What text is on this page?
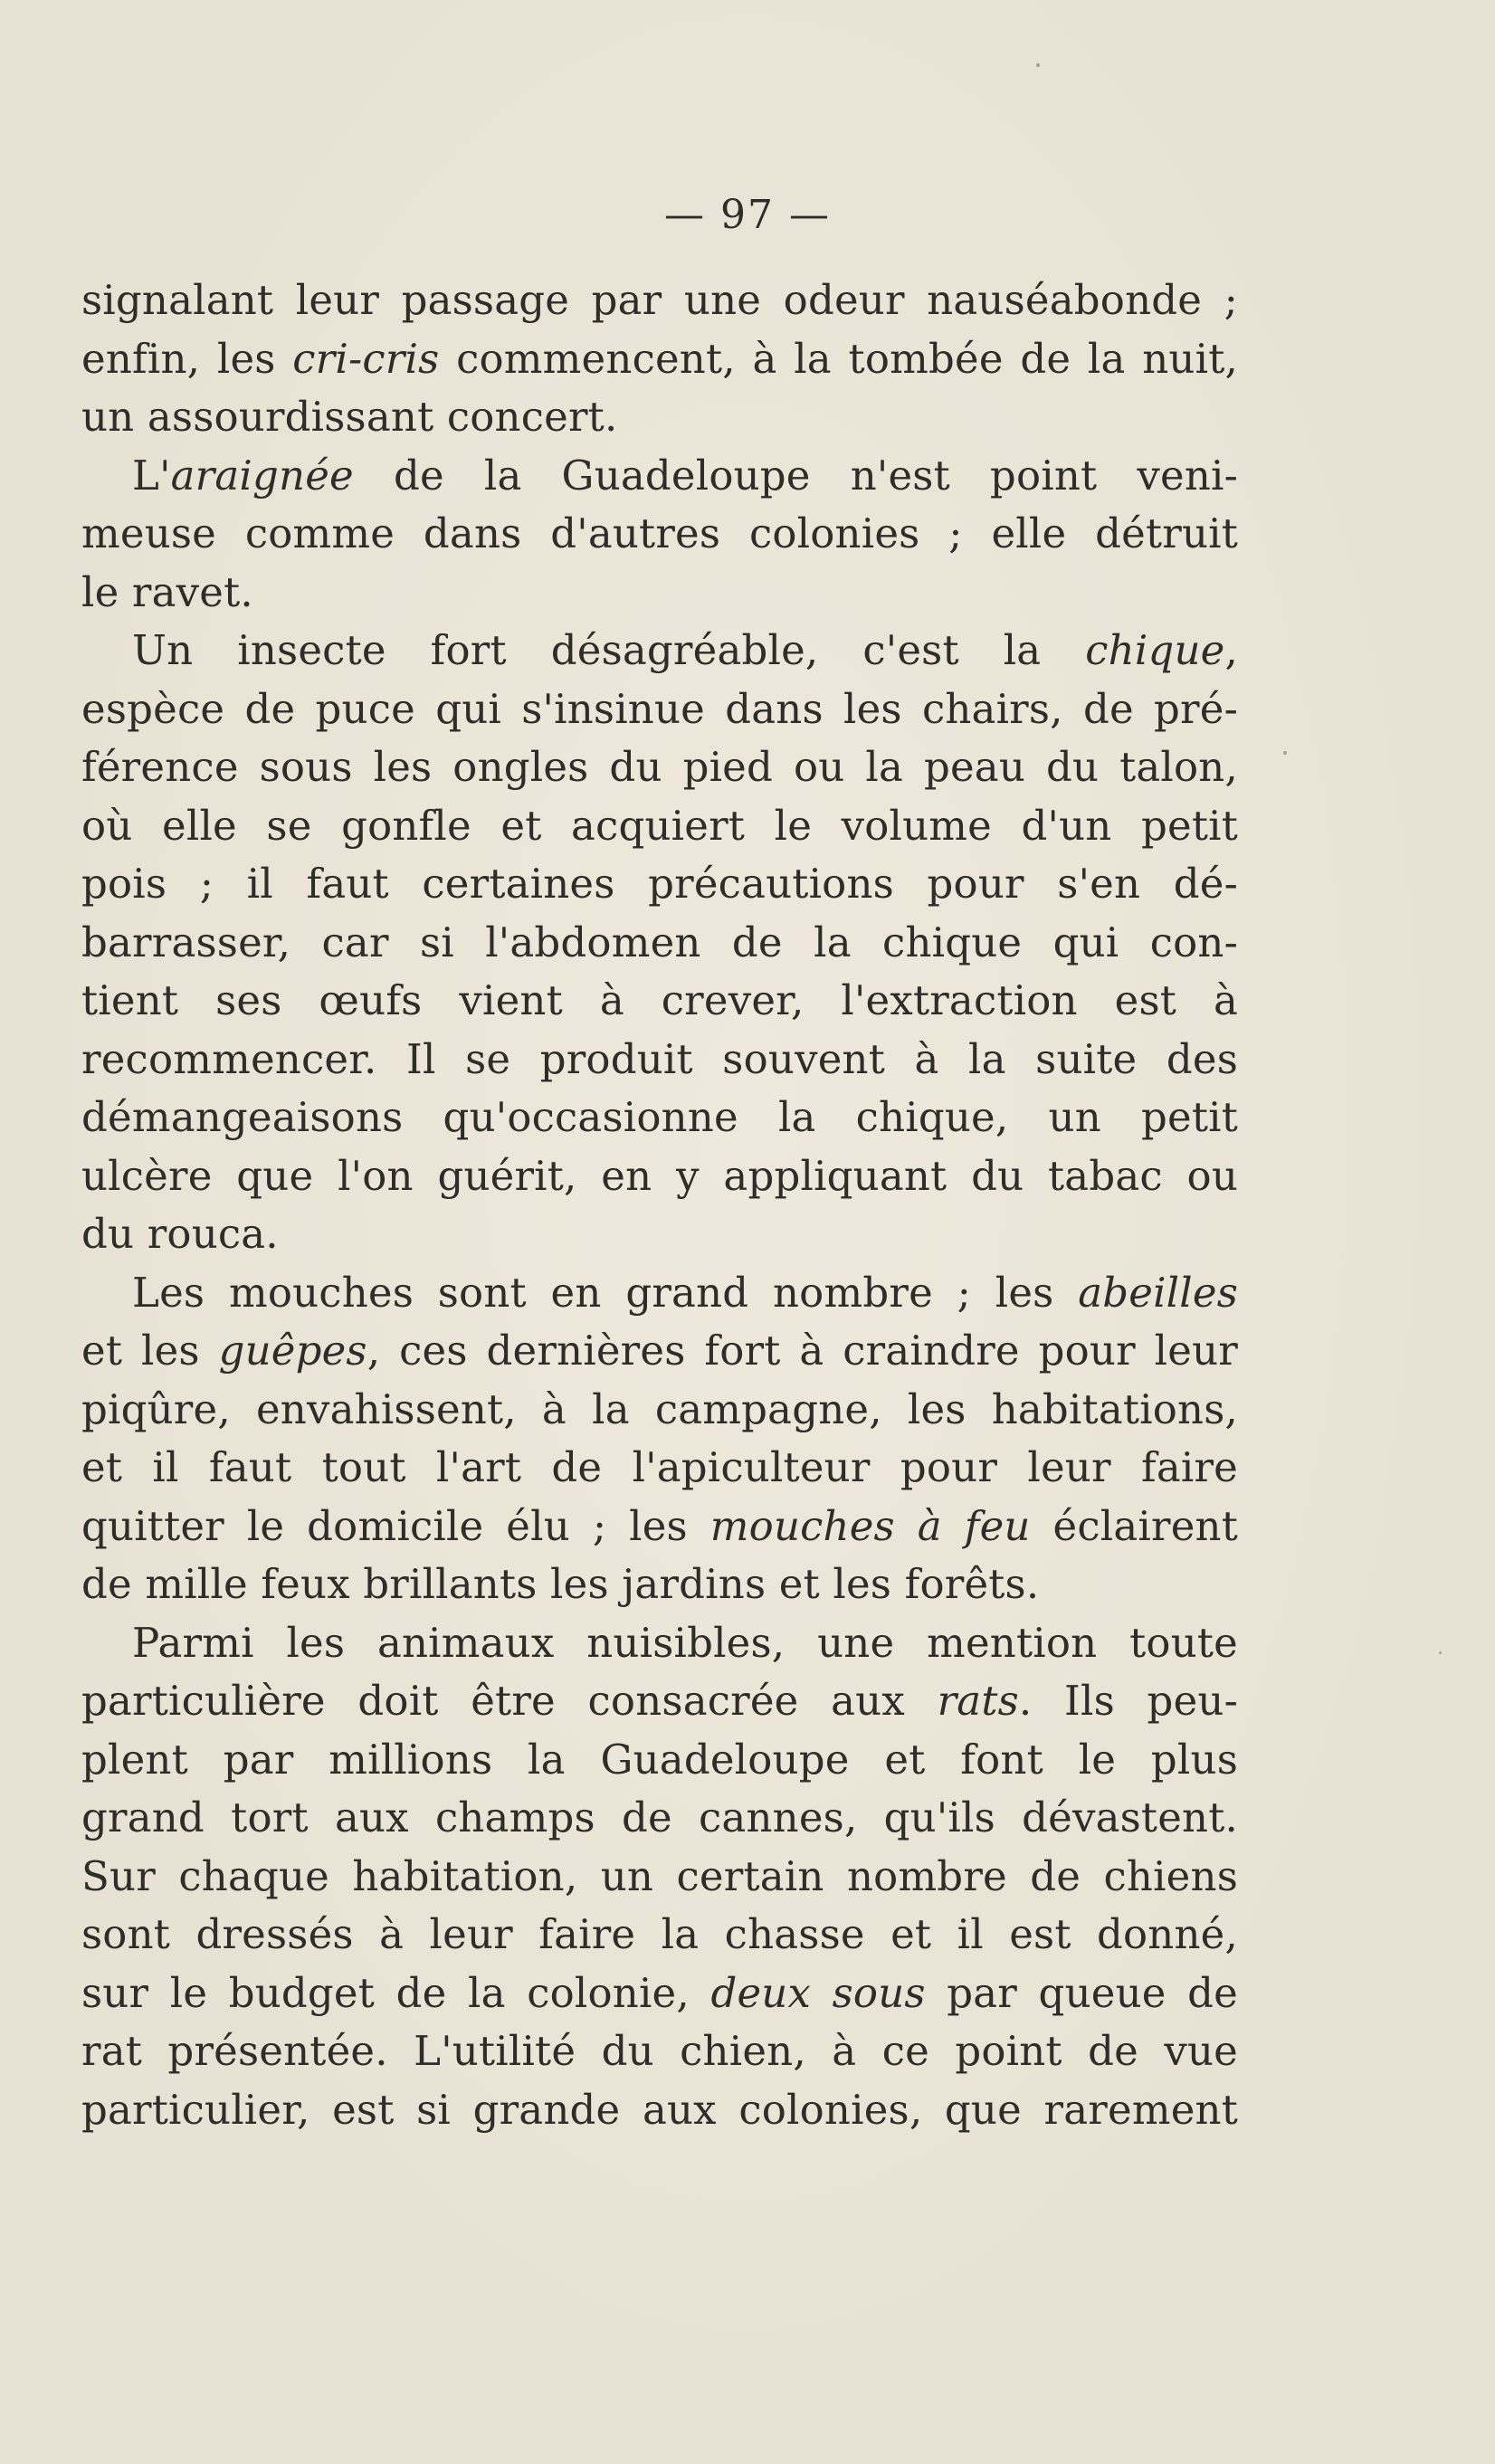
— 97 —
signalant leur passage par une odeur nauséabonde ;
enfin, les cri-cris commencent, à la tombée de la nuit,
un assourdissant concert.
L'araignée de la Guadeloupe n'est point veni-
meuse comme dans d'autres colonies ; elle détruit
le ravet.
Un insecte fort désagréable, c'est la chique,
espèce de puce qui s'insinue dans les chairs, de pré-
férence sous les ongles du pied ou la peau du talon,
où elle se gonfle et acquiert le volume d'un petit
pois ; il faut certaines précautions pour s'en dé-
barrasser, car si l'abdomen de la chique qui con-
tient ses œufs vient à crever, l'extraction est à
recommencer. Il se produit souvent à la suite des
démangeaisons qu'occasionne la chique, un petit
ulcère que l'on guérit, en y appliquant du tabac ou
du rouca.
Les mouches sont en grand nombre ; les abeilles
et les guêpes, ces dernières fort à craindre pour leur
piqûre, envahissent, à la campagne, les habitations,
et il faut tout l'art de l'apiculteur pour leur faire
quitter le domicile élu ; les mouches à feu éclairent
de mille feux brillants les jardins et les forêts.
Parmi les animaux nuisibles, une mention toute
particulière doit être consacrée aux rats. Ils peu-
plent par millions la Guadeloupe et font le plus
grand tort aux champs de cannes, qu'ils dévastent.
Sur chaque habitation, un certain nombre de chiens
sont dressés à leur faire la chasse et il est donné,
sur le budget de la colonie, deux sous par queue de
rat présentée. L'utilité du chien, à ce point de vue
particulier, est si grande aux colonies, que rarement
